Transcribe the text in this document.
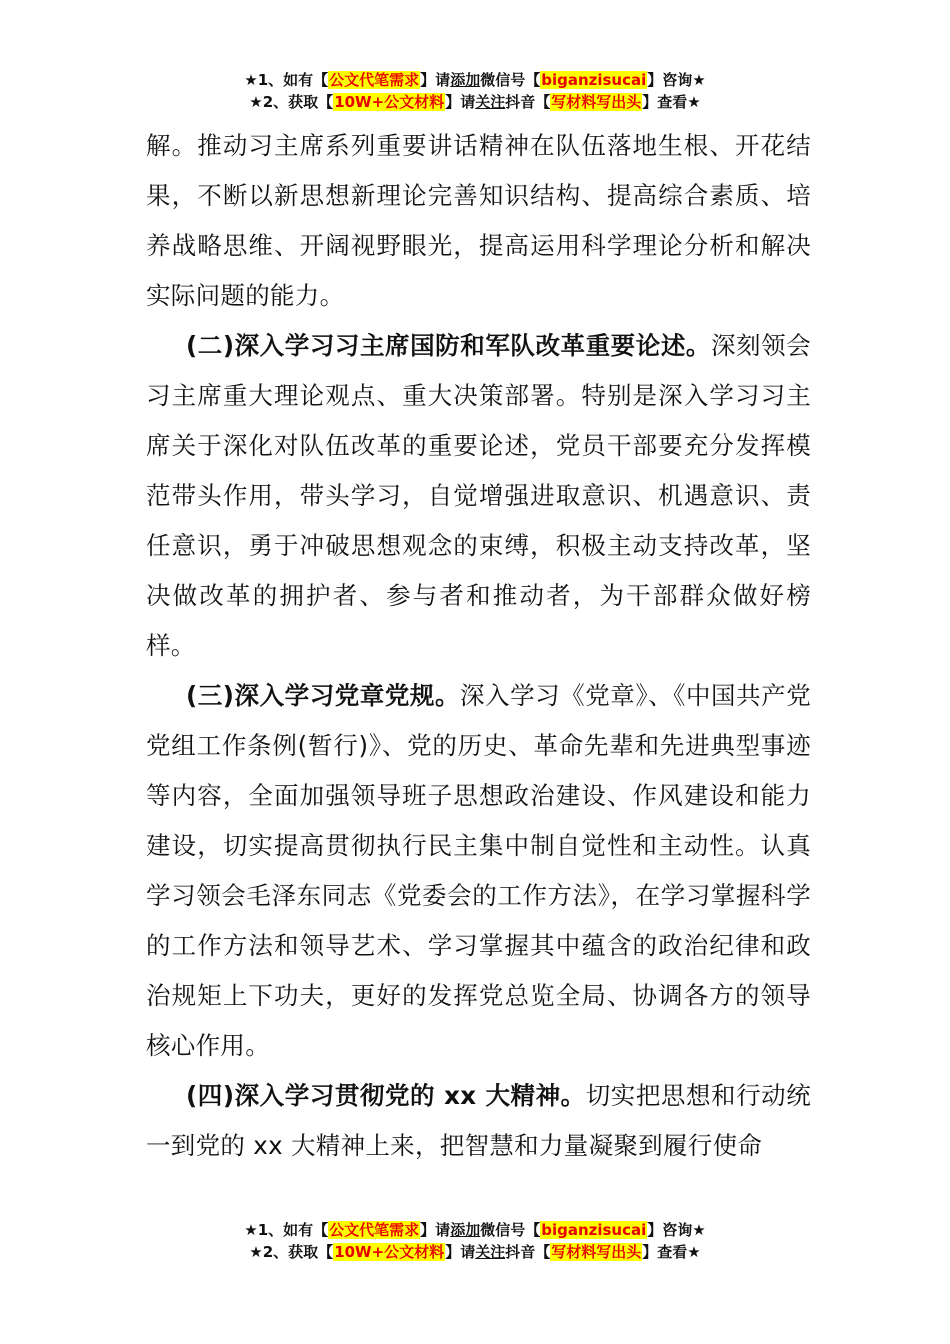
★1、如有【公文代笔需求】请添加微信号【biganzisucai】咨询★
★2、获取【10W+公文材料】请关注抖音【写材料写出头】查看★

解。推动习主席系列重要讲话精神在队伍落地生根、开花结果，不断以新思想新理论完善知识结构、提高综合素质、培养战略思维、开阔视野眼光，提高运用科学理论分析和解决实际问题的能力。

(二)深入学习习主席国防和军队改革重要论述。深刻领会习主席重大理论观点、重大决策部署。特别是深入学习习主席关于深化对队伍改革的重要论述，党员干部要充分发挥模范带头作用，带头学习，自觉增强进取意识、机遇意识、责任意识，勇于冲破思想观念的束缚，积极主动支持改革，坚决做改革的拥护者、参与者和推动者，为干部群众做好榜样。

(三)深入学习党章党规。深入学习《党章》、《中国共产党党组工作条例(暂行)》、党的历史、革命先辈和先进典型事迹等内容，全面加强领导班子思想政治建设、作风建设和能力建设，切实提高贯彻执行民主集中制自觉性和主动性。认真学习领会毛泽东同志《党委会的工作方法》，在学习掌握科学的工作方法和领导艺术、学习掌握其中蕴含的政治纪律和政治规矩上下功夫，更好的发挥党总览全局、协调各方的领导核心作用。

(四)深入学习贯彻党的 xx 大精神。切实把思想和行动统一到党的 xx 大精神上来，把智慧和力量凝聚到履行使命

★1、如有【公文代笔需求】请添加微信号【biganzisucai】咨询★
★2、获取【10W+公文材料】请关注抖音【写材料写出头】查看★
